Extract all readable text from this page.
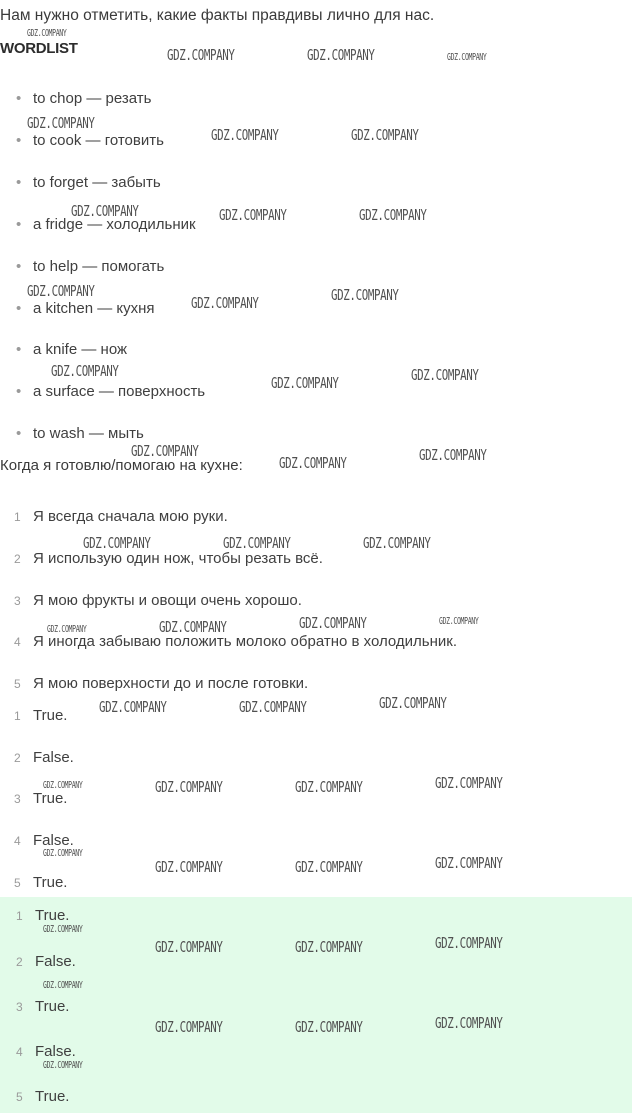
Нам нужно отметить, какие факты правдивы лично для нас.
WORDLIST
• to chop — резать
• to cook — готовить
• to forget — забыть
• a fridge — холодильник
• to help — помогать
• a kitchen — кухня
• a knife — нож
• a surface — поверхность
• to wash — мыть
Когда я готовлю/помогаю на кухне:
1 Я всегда сначала мою руки.
2 Я использую один нож, чтобы резать всё.
3 Я мою фрукты и овощи очень хорошо.
4 Я иногда забываю положить молоко обратно в холодильник.
5 Я мою поверхности до и после готовки.
1 True.
2 False.
3 True.
4 False.
5 True.
1 True.
2 False.
3 True.
4 False.
5 True.
GDZ.COMPANY
GDZ.COMPANY	GDZ.COMPANY	GDZ.COMPANY
GDZ.COMPANY
GDZ.COMPANY	GDZ.COMPANY
GDZ.COMPANY	GDZ.COMPANY	GDZ.COMPANY
GDZ.COMPANY
GDZ.COMPANY	GDZ.COMPANY
GDZ.COMPANY
GDZ.COMPANY	GDZ.COMPANY
GDZ.COMPANY
GDZ.COMPANY	GDZ.COMPANY
GDZ.COMPANY	GDZ.COMPANY	GDZ.COMPANY
GDZ.COMPANY	GDZ.COMPANY	GDZ.COMPANY	GDZ.COMPANY
GDZ.COMPANY	GDZ.COMPANY	GDZ.COMPANY
GDZ.COMPANY	GDZ.COMPANY	GDZ.COMPANY	GDZ.COMPANY
GDZ.COMPANY
GDZ.COMPANY	GDZ.COMPANY	GDZ.COMPANY
GDZ.COMPANY
GDZ.COMPANY	GDZ.COMPANY	GDZ.COMPANY
GDZ.COMPANY
GDZ.COMPANY	GDZ.COMPANY	GDZ.COMPANY
GDZ.COMPANY
